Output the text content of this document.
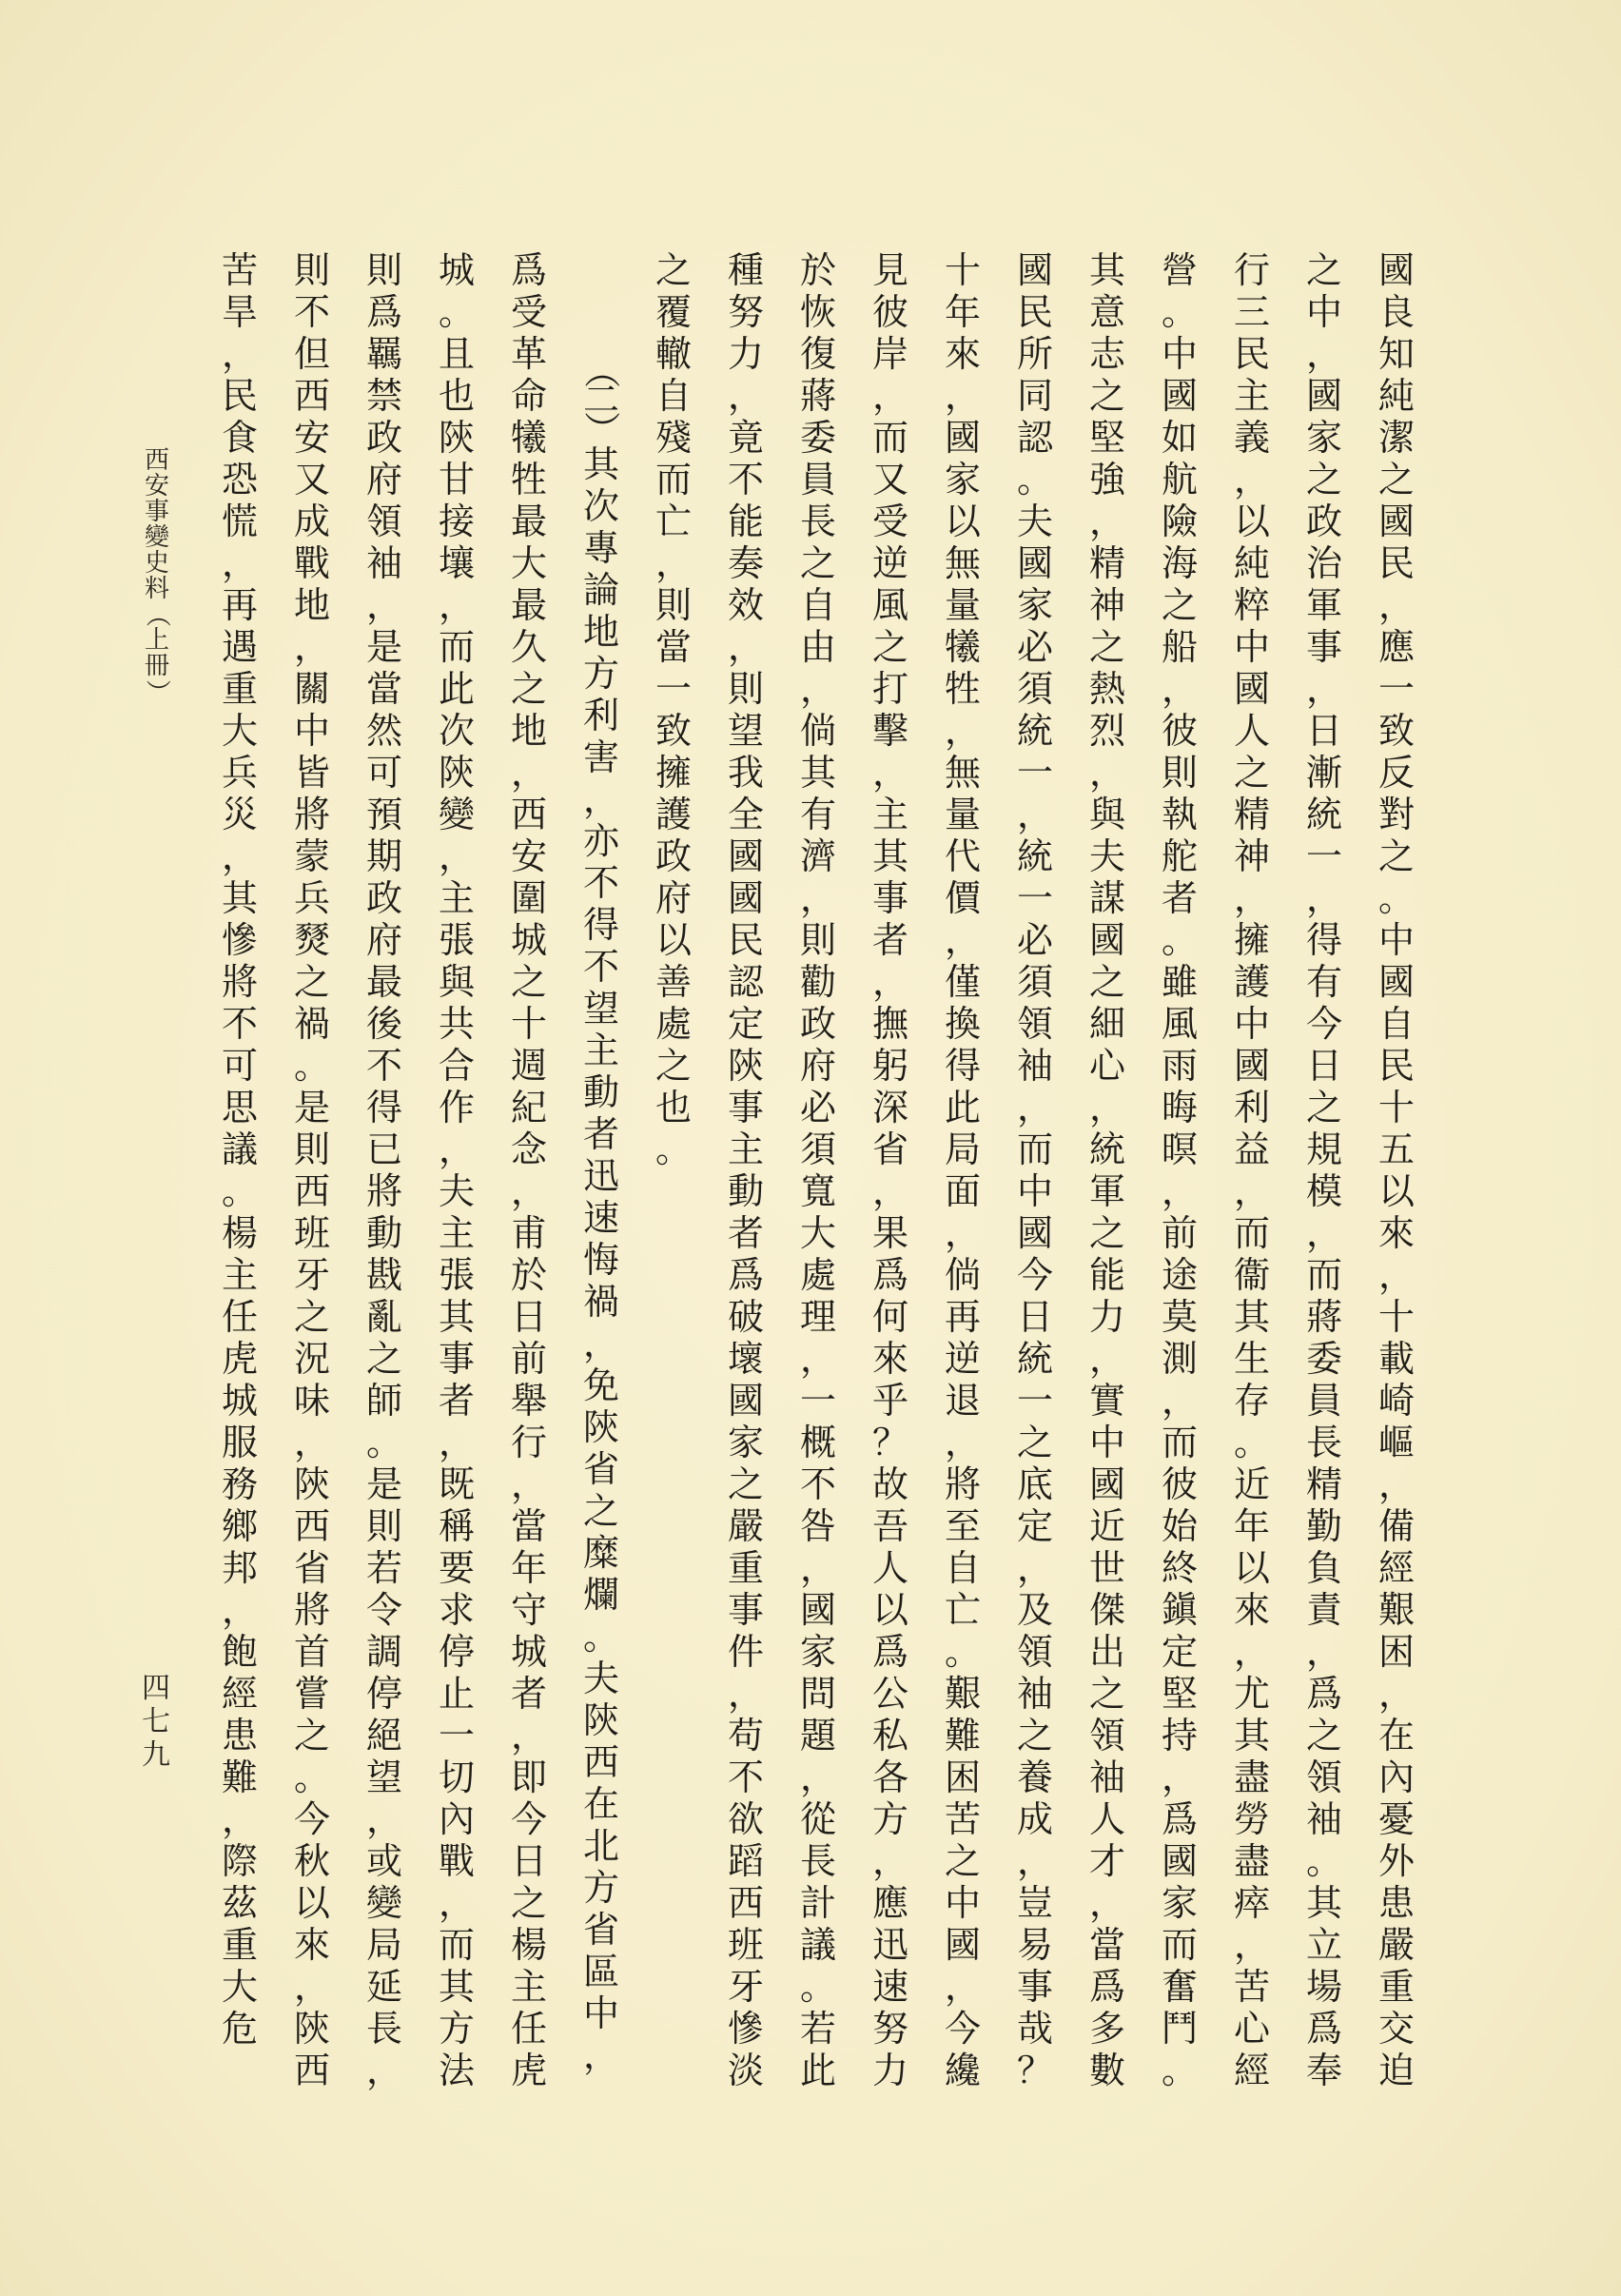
國
良
知
純
潔
之
國
民
，
應
一
致
反
對
之
。
中
國
自
民
十
五
以
來
，
十
載
崎
嶇
，
備
經
艱
困
，
在
內
憂
外
患
嚴
重
交
迫
之
中
，
國
家
之
政
治
軍
事
，
日
漸
統
一
，
得
有
今
日
之
規
模
，
而
蔣
委
員
長
精
勤
負
責
，
爲
之
領
袖
。
其
立
場
爲
奉
行
三
民
主
義
，
以
純
粹
中
國
人
之
精
神
，
擁
護
中
國
利
益
，
而
衞
其
生
存
。
近
年
以
來
，
尤
其
盡
勞
盡
瘁
，
苦
心
經
營
。
中
國
如
航
險
海
之
船
，
彼
則
執
舵
者
。
雖
風
雨
晦
暝
，
前
途
莫
測
，
而
彼
始
終
鎭
定
堅
持
，
爲
國
家
而
奮
鬥
。
其
意
志
之
堅
強
，
精
神
之
熱
烈
，
與
夫
謀
國
之
細
心
，
統
軍
之
能
力
，
實
中
國
近
世
傑
出
之
領
袖
人
才
，
當
爲
多
數
國
民
所
同
認
。
夫
國
家
必
須
統
一
，
統
一
必
須
領
袖
，
而
中
國
今
日
統
一
之
底
定
，
及
領
袖
之
養
成
，
豈
易
事
哉
？
十
年
來
，
國
家
以
無
量
犧
牲
，
無
量
代
價
，
僅
換
得
此
局
面
，
倘
再
逆
退
，
將
至
自
亡
。
艱
難
困
苦
之
中
國
，
今
纔
見
彼
岸
，
而
又
受
逆
風
之
打
擊
，
主
其
事
者
，
撫
躬
深
省
，
果
爲
何
來
乎
？
故
吾
人
以
爲
公
私
各
方
，
應
迅
速
努
力
於
恢
復
蔣
委
員
長
之
自
由
，
倘
其
有
濟
，
則
勸
政
府
必
須
寬
大
處
理
，
一
概
不
咎
，
國
家
問
題
，
從
長
計
議
。
若
此
種
努
力
，
竟
不
能
奏
效
，
則
望
我
全
國
國
民
認
定
陝
事
主
動
者
爲
破
壞
國
家
之
嚴
重
事
件
，
苟
不
欲
蹈
西
班
牙
慘
淡
之
覆
轍
自
殘
而
亡
，
則
當
一
致
擁
護
政
府
以
善
處
之
也
。
（
二
）
其
次
專
論
地
方
利
害
，
亦
不
得
不
望
主
動
者
迅
速
悔
禍
，
免
陝
省
之
糜
爛
。
夫
陝
西
在
北
方
省
區
中
，
爲
受
革
命
犧
牲
最
大
最
久
之
地
，
西
安
圍
城
之
十
週
紀
念
，
甫
於
日
前
舉
行
，
當
年
守
城
者
，
即
今
日
之
楊
主
任
虎
城
。
且
也
陝
甘
接
壤
，
而
此
次
陝
變
，
主
張
與
共
合
作
，
夫
主
張
其
事
者
，
既
稱
要
求
停
止
一
切
內
戰
，
而
其
方
法
則
爲
羈
禁
政
府
領
袖
，
是
當
然
可
預
期
政
府
最
後
不
得
已
將
動
戡
亂
之
師
。
是
則
若
令
調
停
絕
望
，
或
變
局
延
長
，
則
不
但
西
安
又
成
戰
地
，
關
中
皆
將
蒙
兵
燹
之
禍
。
是
則
西
班
牙
之
況
味
，
陝
西
省
將
首
嘗
之
。
今
秋
以
來
，
陝
西
苦
旱
，
民
食
恐
慌
，
再
遇
重
大
兵
災
，
其
慘
將
不
可
思
議
。
楊
主
任
虎
城
服
務
鄉
邦
，
飽
經
患
難
，
際
茲
重
大
危
西
安
事
變
史
料
（
上
冊
）
四
七
九
